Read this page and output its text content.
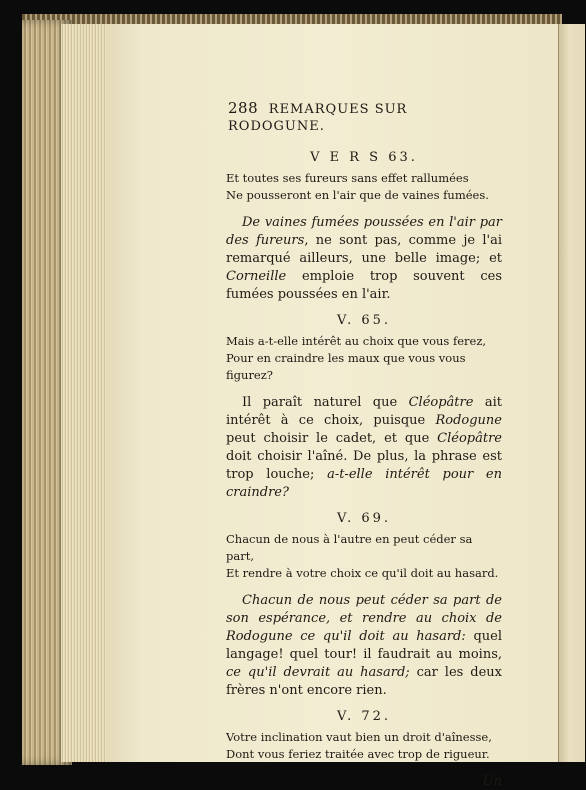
288 REMARQUES SUR RODOGUNE.
V E R S 63.

Et toutes ses fureurs sans effet rallumées

Ne pousseront en l'air que de vaines fumées.

De vaines fumées poussées en l'air par des fureurs, ne sont pas, comme je l'ai remarqué ailleurs, une belle image; et Corneille emploie trop souvent ces fumées poussées en l'air.

V. 65.

Mais a-t-elle intérêt au choix que vous ferez,

Pour en craindre les maux que vous vous figurez?

Il paraît naturel que Cléopâtre ait intérêt à ce choix, puisque Rodogune peut choisir le cadet, et que Cléopâtre doit choisir l'aîné. De plus, la phrase est trop louche; a-t-elle intérêt pour en craindre?

V. 69.

Chacun de nous à l'autre en peut céder sa part,

Et rendre à votre choix ce qu'il doit au hasard.

Chacun de nous peut céder sa part de son espérance, et rendre au choix de Rodogune ce qu'il doit au hasard: quel langage! quel tour! il faudrait au moins, ce qu'il devrait au hasard; car les deux frères n'ont encore rien.

V. 72.

Votre inclination vaut bien un droit d'aînesse,

Dont vous feriez traitée avec trop de rigueur.

Un
